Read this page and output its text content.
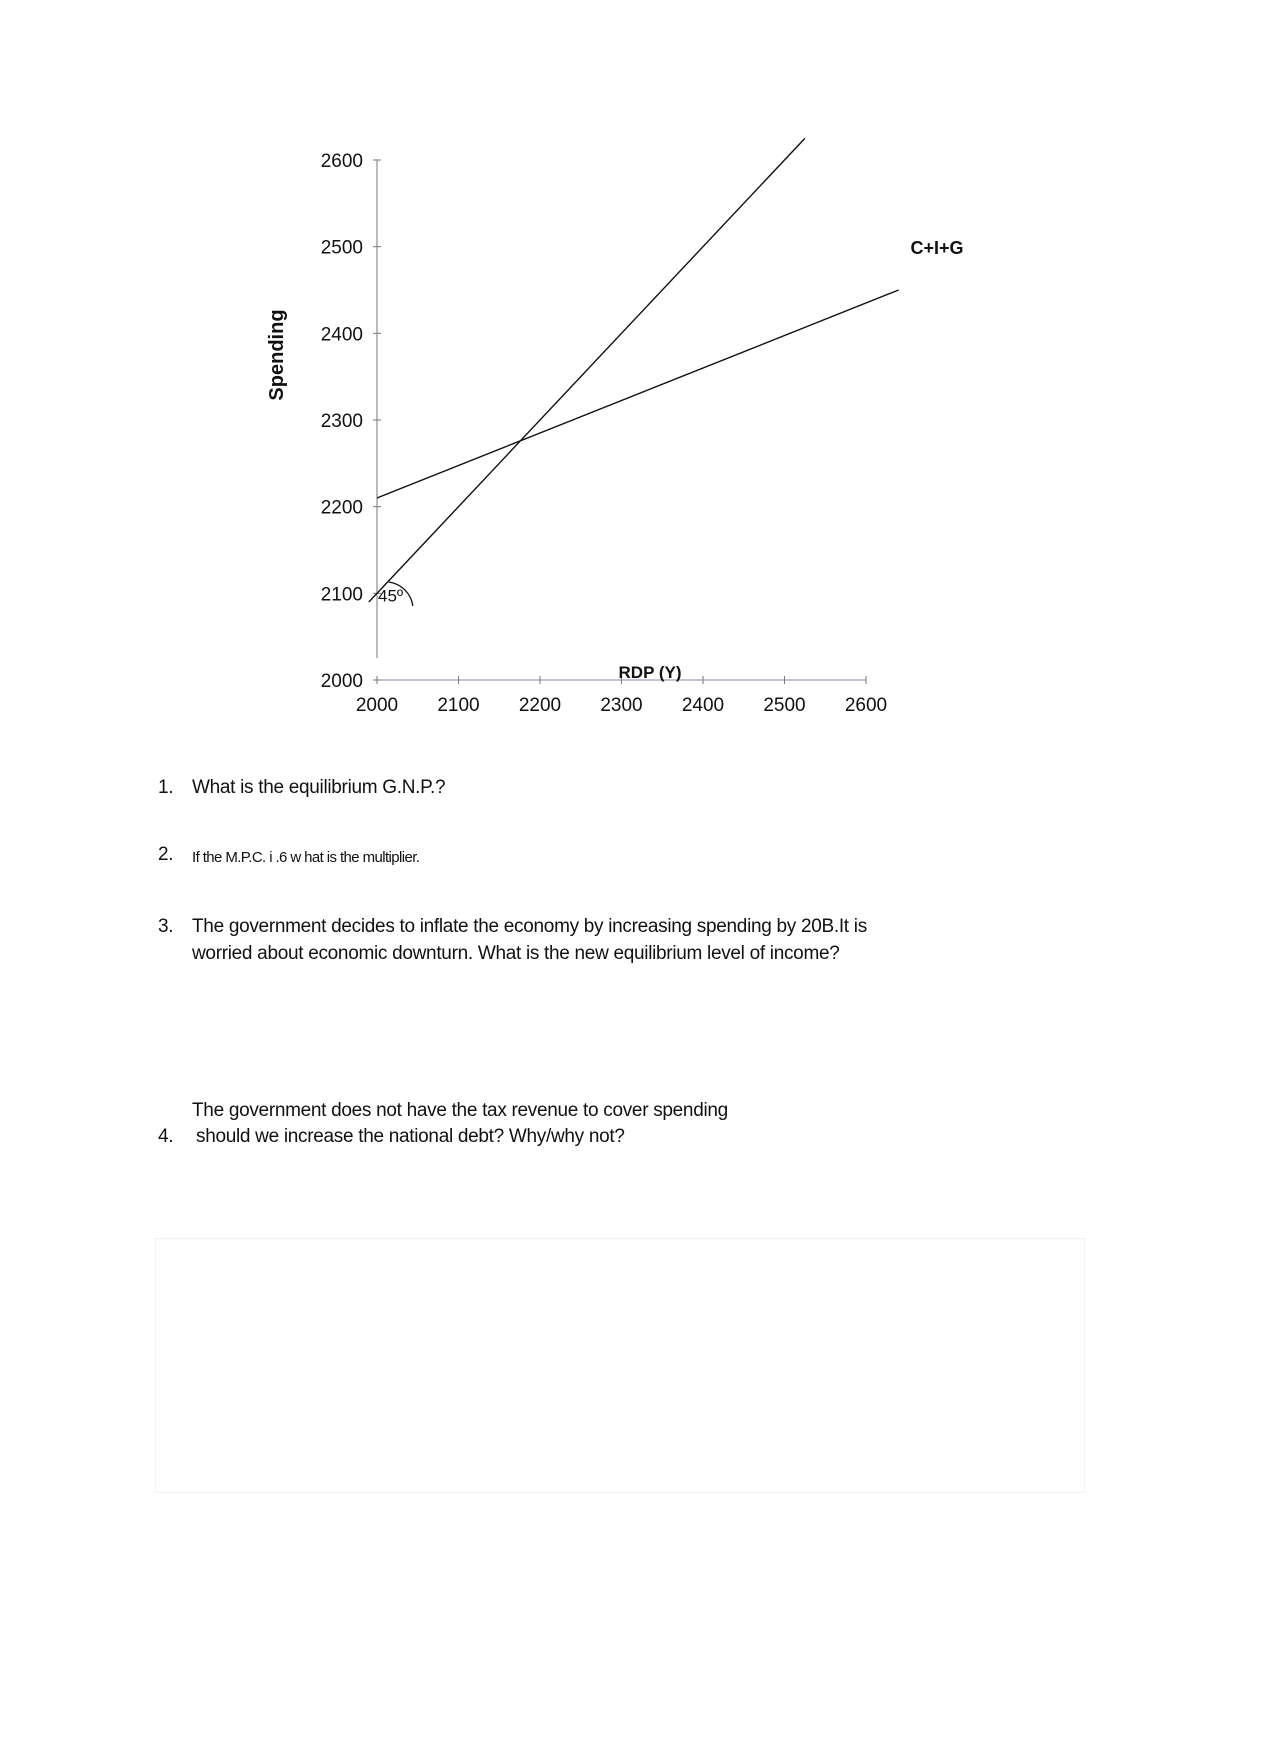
2000
2100
2200
2300
2400
2500
2600
2000 2100 2200 2300 2400 2500 2600
RDP (Y)
Spending
45º
C+I+G
1. What is the equilibrium G.N.P.?
2. If the M.P.C. i .6 w hat is the multiplier.
3. The government decides to inflate the economy by increasing spending by 20B.It is
worried about economic downturn. What is the new equilibrium level of income?
The government does not have the tax revenue to cover spending
4. should we increase the national debt? Why/why not?
